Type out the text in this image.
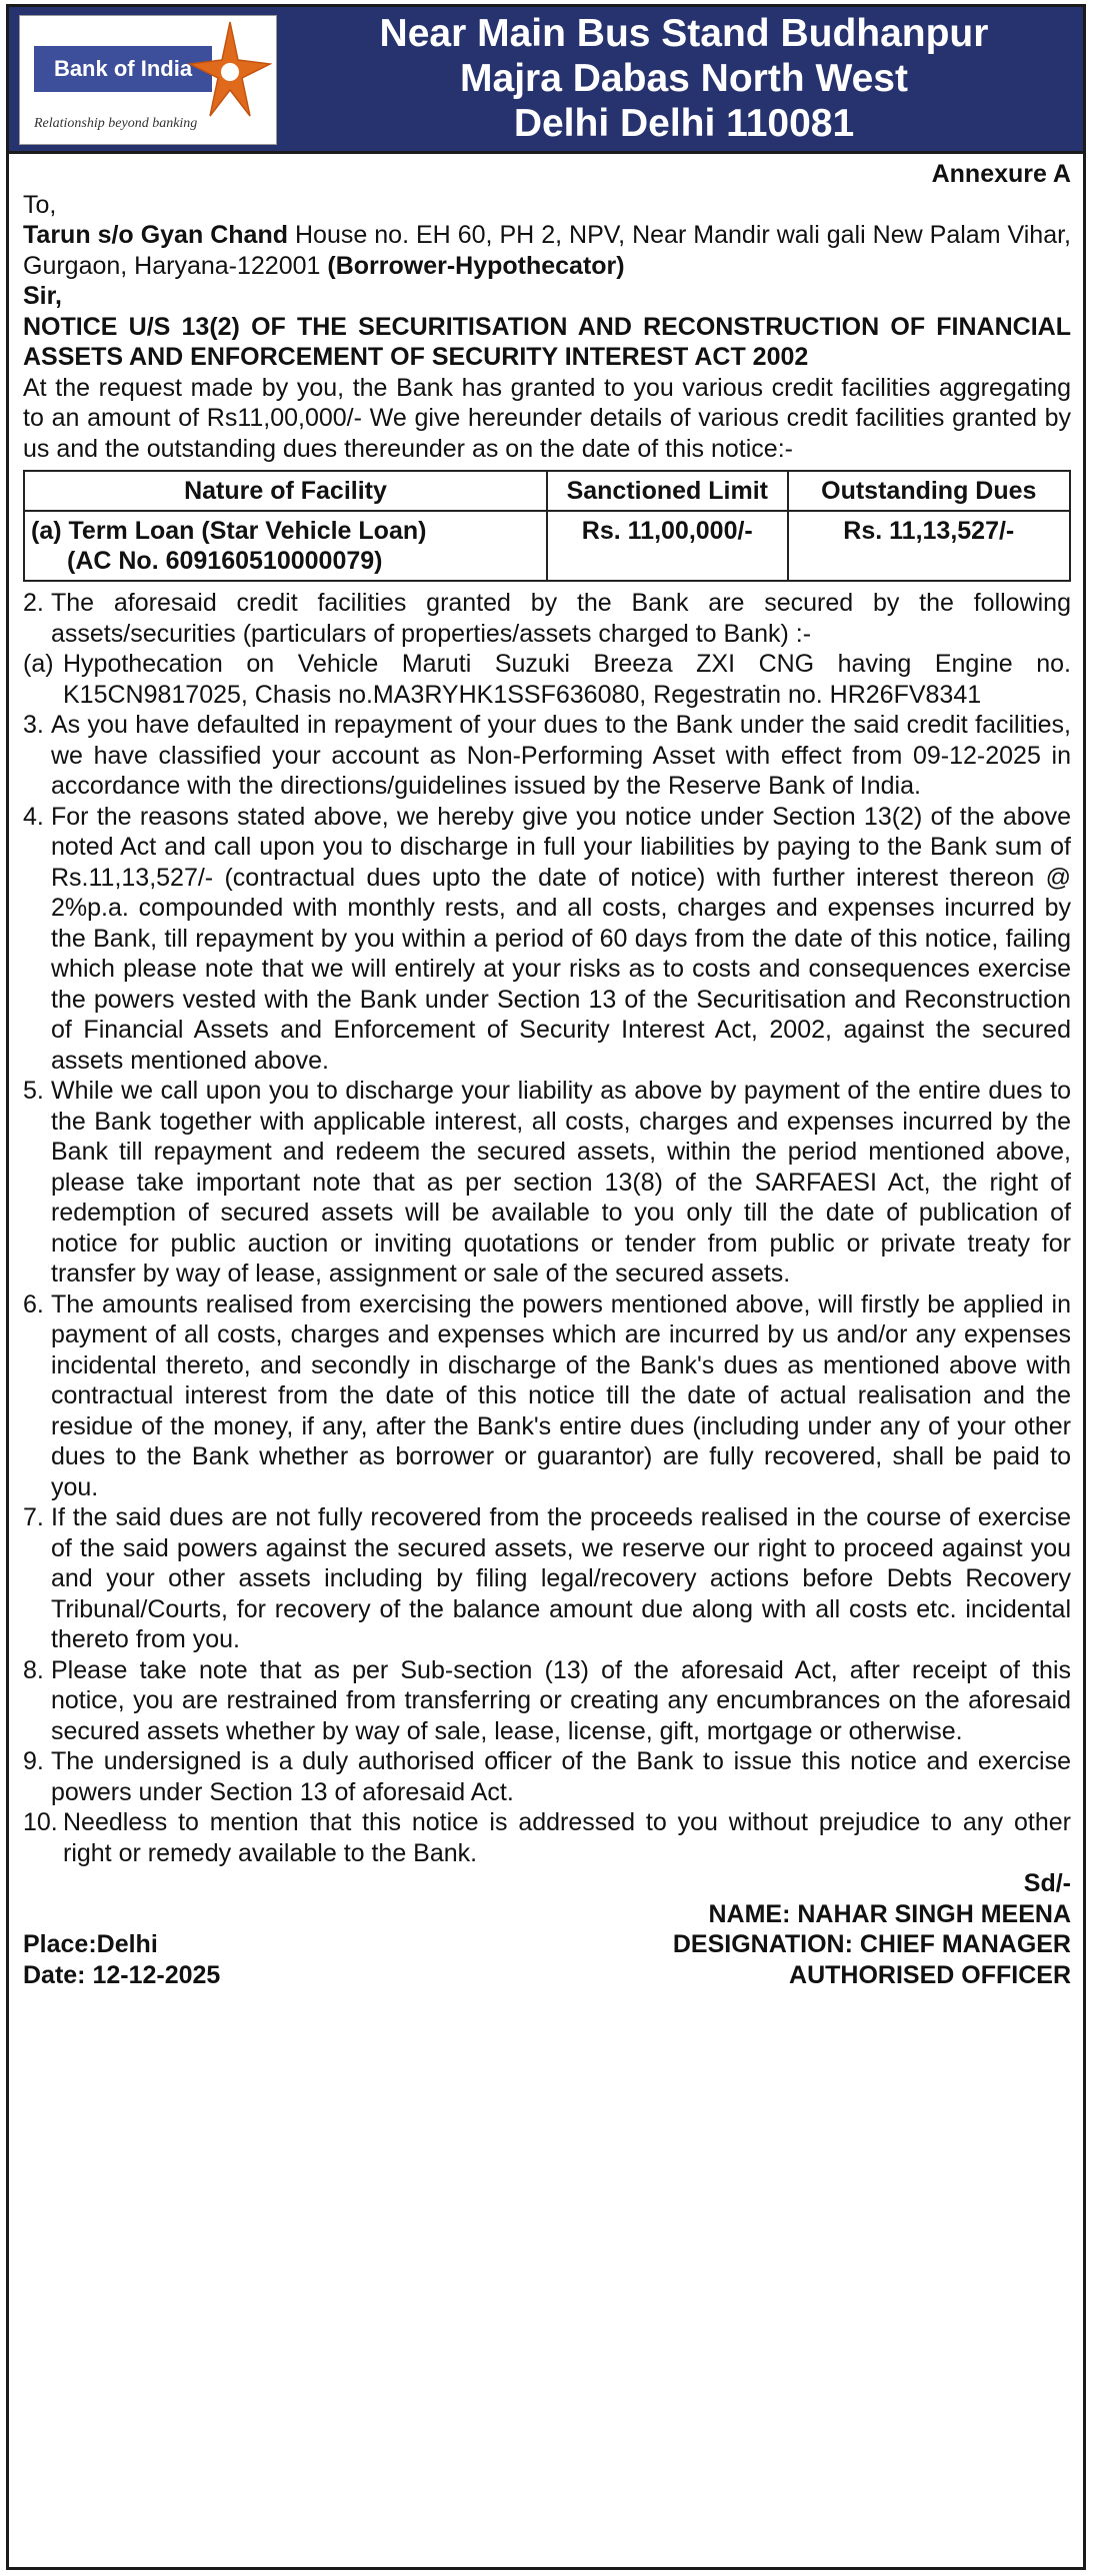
Bank of India
Relationship beyond banking
Near Main Bus Stand Budhanpur
Majra Dabas North West
Delhi Delhi 110081
Annexure A
To,
Tarun s/o Gyan Chand House no. EH 60, PH 2, NPV, Near Mandir wali gali New Palam Vihar, Gurgaon, Haryana-122001 (Borrower-Hypothecator)
Sir,
NOTICE U/S 13(2) OF THE SECURITISATION AND RECONSTRUCTION OF FINANCIAL ASSETS AND ENFORCEMENT OF SECURITY INTEREST ACT 2002
At the request made by you, the Bank has granted to you various credit facilities aggregating to an amount of Rs11,00,000/- We give hereunder details of various credit facilities granted by us and the outstanding dues thereunder as on the date of this notice:-
Nature of Facility	Sanctioned Limit	Outstanding Dues

(a) Term Loan (Star Vehicle Loan)
(AC No. 609160510000079)	Rs. 11,00,000/-	Rs. 11,13,527/-
2. The aforesaid credit facilities granted by the Bank are secured by the following assets/securities (particulars of properties/assets charged to Bank) :-
(a) Hypothecation on Vehicle Maruti Suzuki Breeza ZXI CNG having Engine no. K15CN9817025, Chasis no.MA3RYHK1SSF636080, Regestratin no. HR26FV8341
3. As you have defaulted in repayment of your dues to the Bank under the said credit facilities, we have classified your account as Non-Performing Asset with effect from 09-12-2025 in accordance with the directions/guidelines issued by the Reserve Bank of India.
4. For the reasons stated above, we hereby give you notice under Section 13(2) of the above noted Act and call upon you to discharge in full your liabilities by paying to the Bank sum of Rs.11,13,527/- (contractual dues upto the date of notice) with further interest thereon @ 2%p.a. compounded with monthly rests, and all costs, charges and expenses incurred by the Bank, till repayment by you within a period of 60 days from the date of this notice, failing which please note that we will entirely at your risks as to costs and consequences exercise the powers vested with the Bank under Section 13 of the Securitisation and Reconstruction of Financial Assets and Enforcement of Security Interest Act, 2002, against the secured assets mentioned above.
5. While we call upon you to discharge your liability as above by payment of the entire dues to the Bank together with applicable interest, all costs, charges and expenses incurred by the Bank till repayment and redeem the secured assets, within the period mentioned above, please take important note that as per section 13(8) of the SARFAESI Act, the right of redemption of secured assets will be available to you only till the date of publication of notice for public auction or inviting quotations or tender from public or private treaty for transfer by way of lease, assignment or sale of the secured assets.
6. The amounts realised from exercising the powers mentioned above, will firstly be applied in payment of all costs, charges and expenses which are incurred by us and/or any expenses incidental thereto, and secondly in discharge of the Bank's dues as mentioned above with contractual interest from the date of this notice till the date of actual realisation and the residue of the money, if any, after the Bank's entire dues (including under any of your other dues to the Bank whether as borrower or guarantor) are fully recovered, shall be paid to you.
7. If the said dues are not fully recovered from the proceeds realised in the course of exercise of the said powers against the secured assets, we reserve our right to proceed against you and your other assets including by filing legal/recovery actions before Debts Recovery Tribunal/Courts, for recovery of the balance amount due along with all costs etc. incidental thereto from you.
8. Please take note that as per Sub-section (13) of the aforesaid Act, after receipt of this notice, you are restrained from transferring or creating any encumbrances on the aforesaid secured assets whether by way of sale, lease, license, gift, mortgage or otherwise.
9. The undersigned is a duly authorised officer of the Bank to issue this notice and exercise powers under Section 13 of aforesaid Act.
10. Needless to mention that this notice is addressed to you without prejudice to any other right or remedy available to the Bank.
Sd/-
NAME: NAHAR SINGH MEENA
Place:Delhi	DESIGNATION: CHIEF MANAGER
Date: 12-12-2025	AUTHORISED OFFICER
